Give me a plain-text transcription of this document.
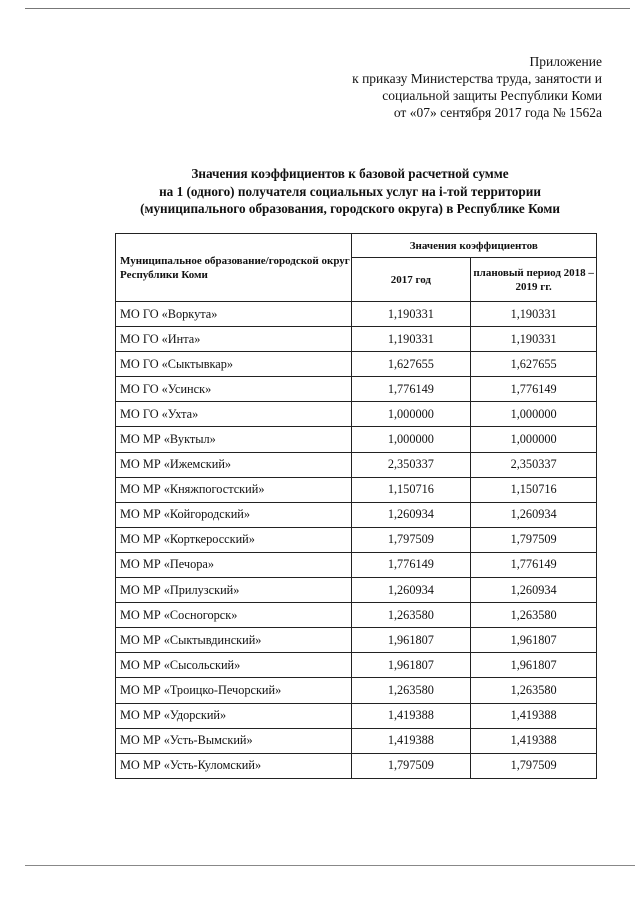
Приложение
к приказу Министерства труда, занятости и
социальной защиты Республики Коми
от «07» сентября 2017 года № 1562а
Значения коэффициентов к базовой расчетной сумме
на 1 (одного) получателя социальных услуг на i-той территории
(муниципального образования, городского округа) в Республике Коми
Муниципальное образование/городской округ Республики Коми	Значения коэффициентов	
	2017 год	плановый период 2018 – 2019 гг.
МО ГО «Воркута»	1,190331	1,190331
МО ГО «Инта»	1,190331	1,190331
МО ГО «Сыктывкар»	1,627655	1,627655
МО ГО «Усинск»	1,776149	1,776149
МО ГО «Ухта»	1,000000	1,000000
МО МР «Вуктыл»	1,000000	1,000000
МО МР «Ижемский»	2,350337	2,350337
МО МР «Княжпогостский»	1,150716	1,150716
МО МР «Койгородский»	1,260934	1,260934
МО МР «Корткеросский»	1,797509	1,797509
МО МР «Печора»	1,776149	1,776149
МО МР «Прилузский»	1,260934	1,260934
МО МР «Сосногорск»	1,263580	1,263580
МО МР «Сыктывдинский»	1,961807	1,961807
МО МР «Сысольский»	1,961807	1,961807
МО МР «Троицко-Печорский»	1,263580	1,263580
МО МР «Удорский»	1,419388	1,419388
МО МР «Усть-Вымский»	1,419388	1,419388
МО МР «Усть-Куломский»	1,797509	1,797509
